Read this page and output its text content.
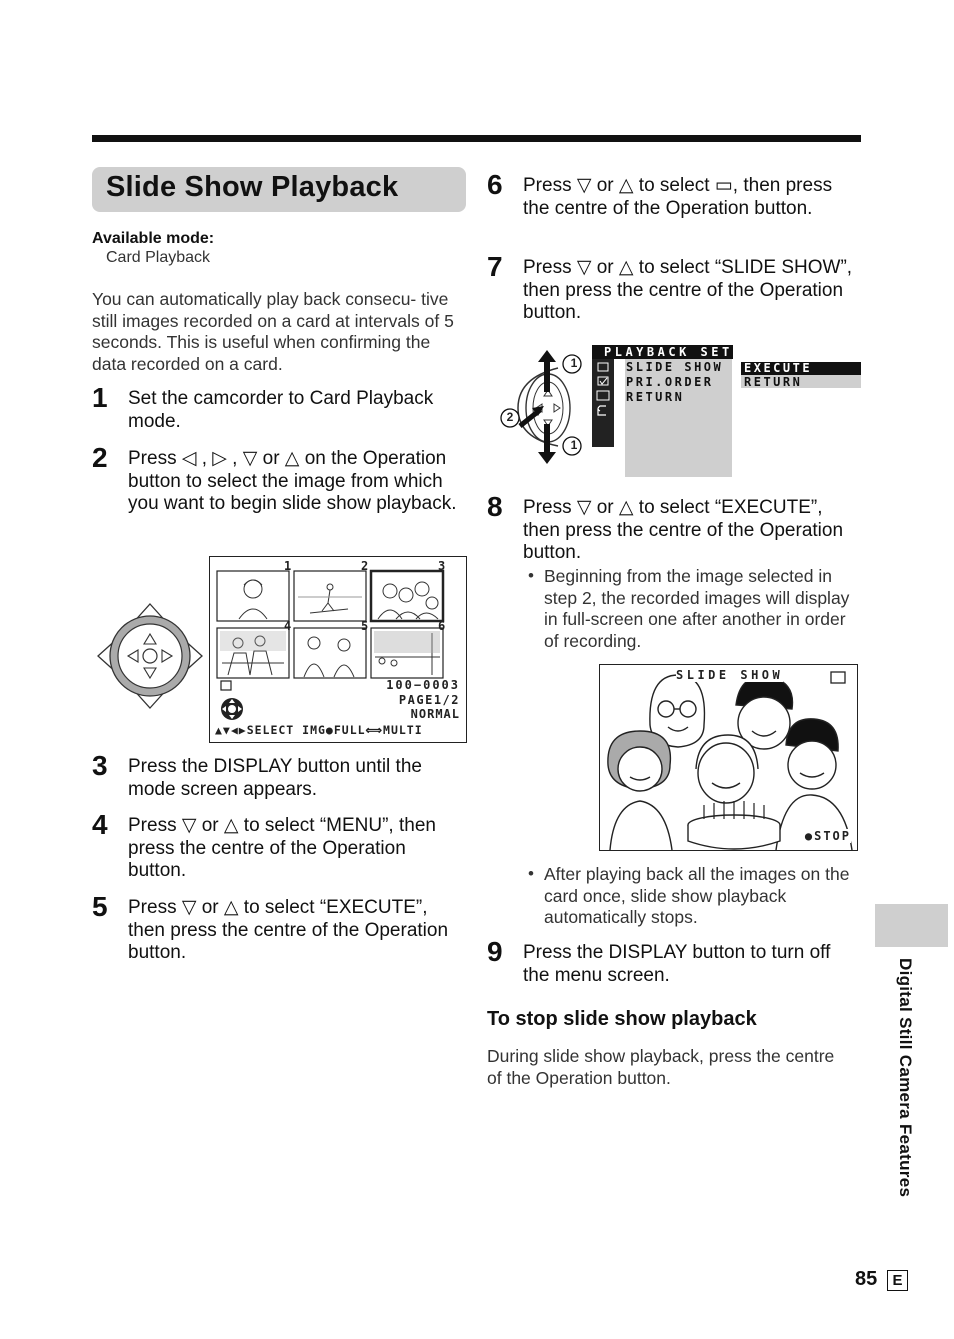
Slide Show Playback
Available mode:
Card Playback
You can automatically play back consecu- tive still images recorded on a card at intervals of 5 seconds. This is useful when confirming the data recorded on a card.
1 Set the camcorder to Card Playback mode.
2 Press ◁ , ▷ , ▽ or △ on the Operation button to select the image from which you want to begin slide show playback.
1	2	3
4	5	6
100−0003
PAGE1/2
NORMAL
▲▼◀▶SELECT IMG●FULL⟺MULTI
3 Press the DISPLAY button until the mode screen appears.
4 Press ▽ or △ to select “MENU”, then press the centre of the Operation button.
5 Press ▽ or △ to select “EXECUTE”, then press the centre of the Operation button.
6 Press ▽ or △ to select ▭, then press the centre of the Operation button.
7 Press ▽ or △ to select “SLIDE SHOW”, then press the centre of the Operation button.
1
2
1
PLAYBACK SET
SLIDE SHOW
PRI.ORDER
RETURN
EXECUTE
RETURN
8 Press ▽ or △ to select “EXECUTE”, then press the centre of the Operation button.
• Beginning from the image selected in step 2, the recorded images will display in full-screen one after another in order of recording.
SLIDE SHOW
●STOP
• After playing back all the images on the card once, slide show playback automatically stops.
9 Press the DISPLAY button to turn off the menu screen.
To stop slide show playback
During slide show playback, press the centre of the Operation button.	Digital Still Camera Features
85	E
